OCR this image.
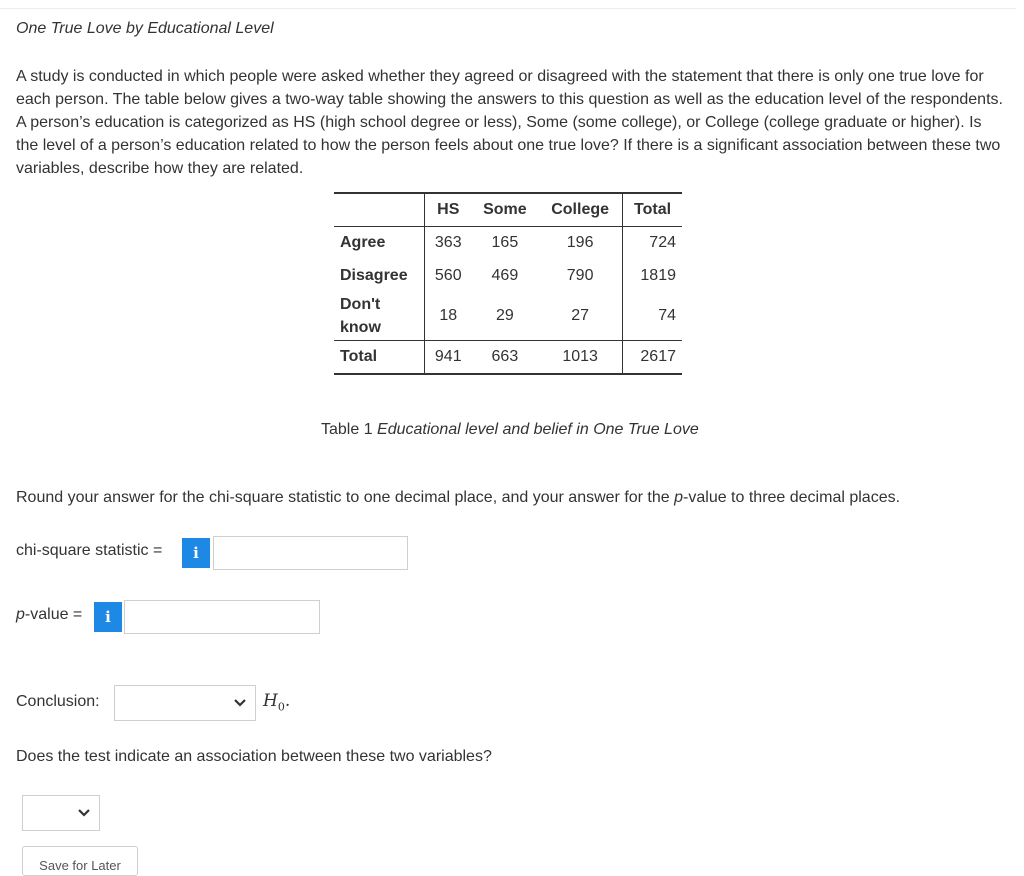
One True Love by Educational Level
A study is conducted in which people were asked whether they agreed or disagreed with the statement that there is only one true love for each person. The table below gives a two-way table showing the answers to this question as well as the education level of the respondents. A person’s education is categorized as HS (high school degree or less), Some (some college), or College (college graduate or higher). Is the level of a person’s education related to how the person feels about one true love? If there is a significant association between these two variables, describe how they are related.
	HS	Some	College	Total
Agree	363	165	196	724
Disagree	560	469	790	1819
Don't know	18	29	27	74
Total	941	663	1013	2617
Table 1 Educational level and belief in One True Love
Round your answer for the chi-square statistic to one decimal place, and your answer for the p-value to three decimal places.
chi-square statistic =	i
p-value =	i
Conclusion:	$H_0$.
Does the test indicate an association between these two variables?
Save for Later
